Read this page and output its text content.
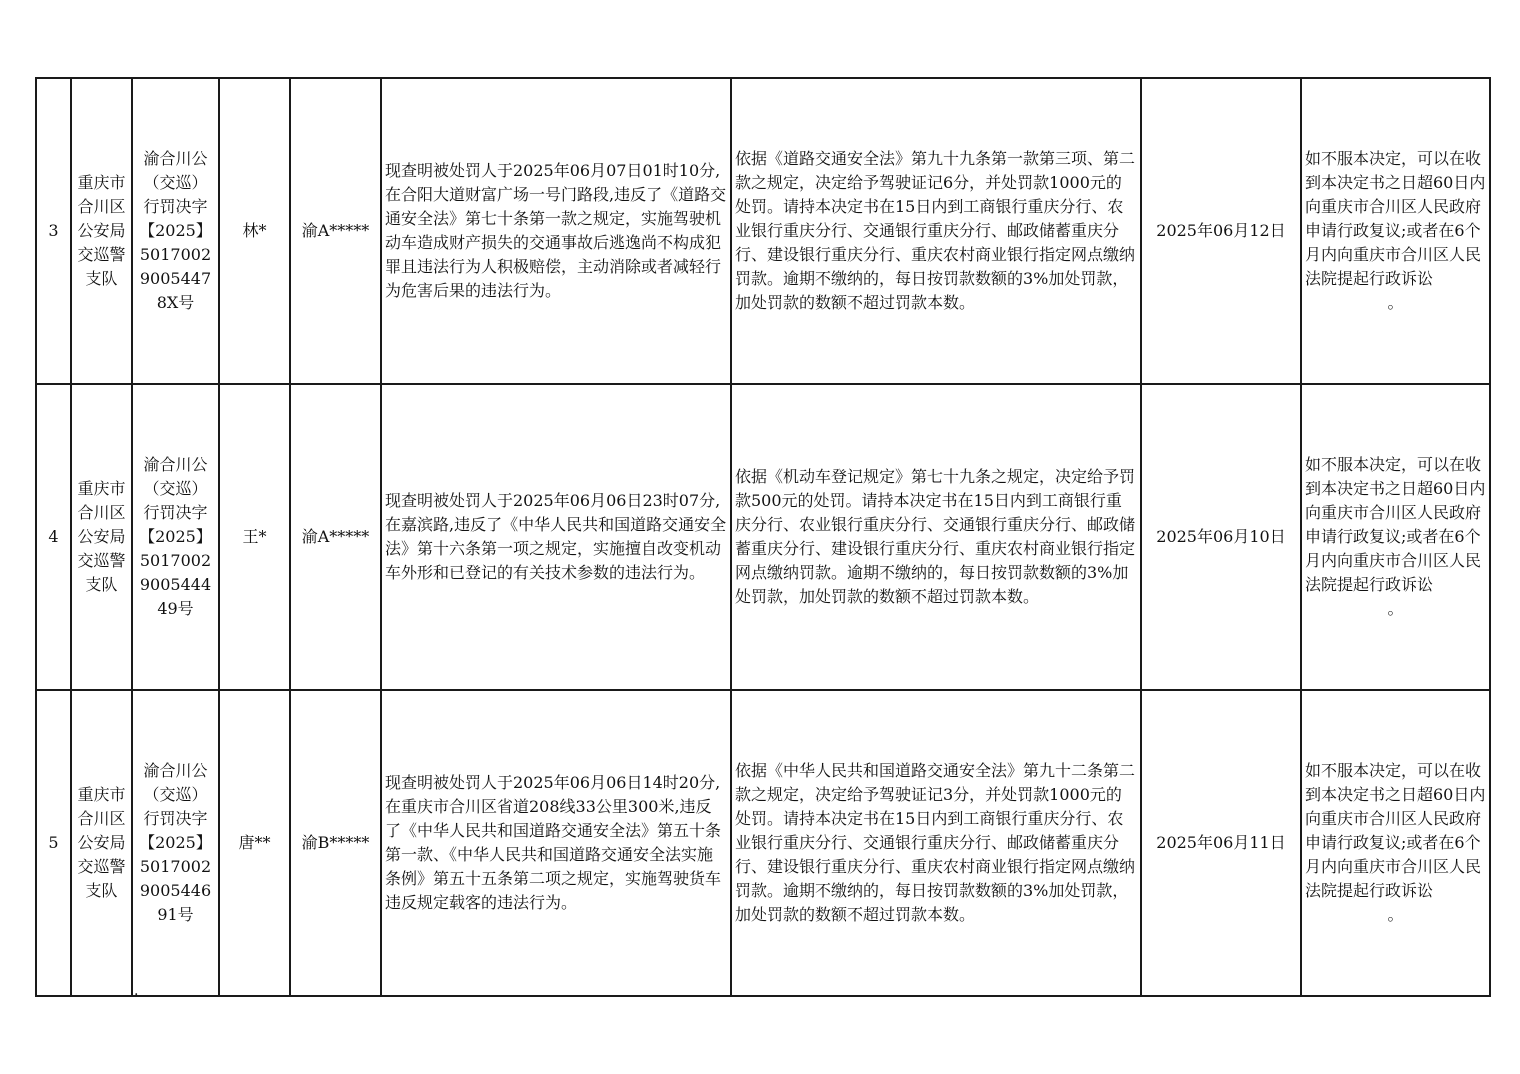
3	重庆市合川区公安局交巡警支队	渝合川公（交巡）行罚决字【2025】501700290054478X号	林*	渝A*****	现查明被处罚人于2025年06月07日01时10分,在合阳大道财富广场一号门路段,违反了《道路交通安全法》第七十条第一款之规定，实施驾驶机动车造成财产损失的交通事故后逃逸尚不构成犯罪且违法行为人积极赔偿，主动消除或者减轻行为危害后果的违法行为。	依据《道路交通安全法》第九十九条第一款第三项、第二款之规定，决定给予驾驶证记6分，并处罚款1000元的处罚。请持本决定书在15日内到工商银行重庆分行、农业银行重庆分行、交通银行重庆分行、邮政储蓄重庆分行、建设银行重庆分行、重庆农村商业银行指定网点缴纳罚款。逾期不缴纳的，每日按罚款数额的3%加处罚款，加处罚款的数额不超过罚款本数。	2025年06月12日	如不服本决定，可以在收到本决定书之日超60日内向重庆市合川区人民政府申请行政复议;或者在6个月内向重庆市合川区人民法院提起行政诉讼
。

4	重庆市合川区公安局交巡警支队	渝合川公（交巡）行罚决字【2025】5017002900544449号	王*	渝A*****	现查明被处罚人于2025年06月06日23时07分,在嘉滨路,违反了《中华人民共和国道路交通安全法》第十六条第一项之规定，实施擅自改变机动车外形和已登记的有关技术参数的违法行为。	依据《机动车登记规定》第七十九条之规定，决定给予罚款500元的处罚。请持本决定书在15日内到工商银行重庆分行、农业银行重庆分行、交通银行重庆分行、邮政储蓄重庆分行、建设银行重庆分行、重庆农村商业银行指定网点缴纳罚款。逾期不缴纳的，每日按罚款数额的3%加处罚款，加处罚款的数额不超过罚款本数。	2025年06月10日	如不服本决定，可以在收到本决定书之日超60日内向重庆市合川区人民政府申请行政复议;或者在6个月内向重庆市合川区人民法院提起行政诉讼
。

5	重庆市合川区公安局交巡警支队	渝合川公（交巡）行罚决字【2025】5017002900544691号	唐**	渝B*****	现查明被处罚人于2025年06月06日14时20分,在重庆市合川区省道208线33公里300米,违反了《中华人民共和国道路交通安全法》第五十条第一款、《中华人民共和国道路交通安全法实施条例》第五十五条第二项之规定，实施驾驶货车违反规定载客的违法行为。	依据《中华人民共和国道路交通安全法》第九十二条第二款之规定，决定给予驾驶证记3分，并处罚款1000元的处罚。请持本决定书在15日内到工商银行重庆分行、农业银行重庆分行、交通银行重庆分行、邮政储蓄重庆分行、建设银行重庆分行、重庆农村商业银行指定网点缴纳罚款。逾期不缴纳的，每日按罚款数额的3%加处罚款，加处罚款的数额不超过罚款本数。	2025年06月11日	如不服本决定，可以在收到本决定书之日超60日内向重庆市合川区人民政府申请行政复议;或者在6个月内向重庆市合川区人民法院提起行政诉讼
。
.
